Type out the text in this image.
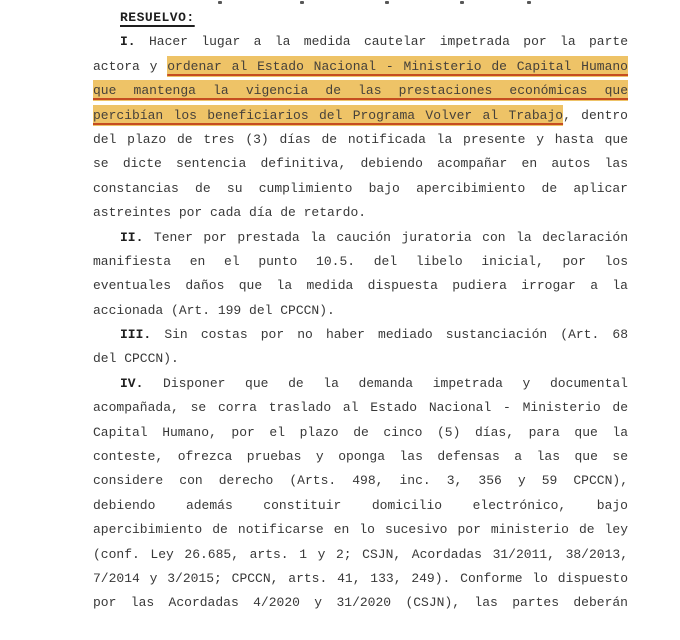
RESUELVO:
I. Hacer lugar a la medida cautelar impetrada por la parte
actora y ordenar al Estado Nacional - Ministerio de Capital Humano
que mantenga la vigencia de las prestaciones económicas que
percibían los beneficiarios del Programa Volver al Trabajo, dentro
del plazo de tres (3) días de notificada la presente y hasta que
se dicte sentencia definitiva, debiendo acompañar en autos las
constancias de su cumplimiento bajo apercibimiento de aplicar
astreintes por cada día de retardo.
II. Tener por prestada la caución juratoria con la declaración
manifiesta en el punto 10.5. del libelo inicial, por los
eventuales daños que la medida dispuesta pudiera irrogar a la
accionada (Art. 199 del CPCCN).
III. Sin costas por no haber mediado sustanciación (Art. 68
del CPCCN).
IV. Disponer que de la demanda impetrada y documental
acompañada, se corra traslado al Estado Nacional - Ministerio de
Capital Humano, por el plazo de cinco (5) días, para que la
conteste, ofrezca pruebas y oponga las defensas a las que se
considere con derecho (Arts. 498, inc. 3, 356 y 59 CPCCN),
debiendo además constituir domicilio electrónico, bajo
apercibimiento de notificarse en lo sucesivo por ministerio de ley
(conf. Ley 26.685, arts. 1 y 2; CSJN, Acordadas 31/2011, 38/2013,
7/2014 y 3/2015; CPCCN, arts. 41, 133, 249). Conforme lo dispuesto
por las Acordadas 4/2020 y 31/2020 (CSJN), las partes deberán
